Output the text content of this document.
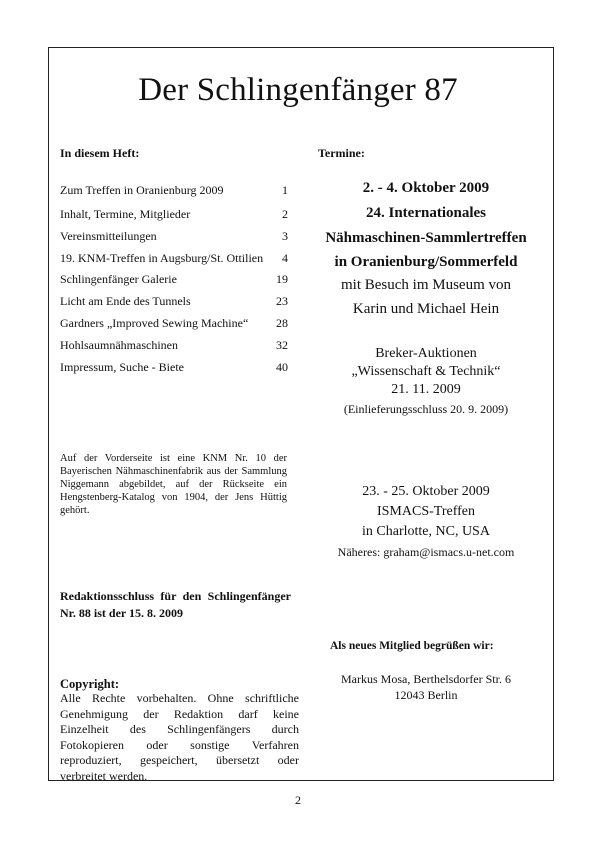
Der Schlingenfänger 87
In diesem Heft:	Termine:
Zum Treffen in Oranienburg 2009	1
Inhalt, Termine, Mitglieder	2
Vereinsmitteilungen	3
19. KNM-Treffen in Augsburg/St. Ottilien 4
Schlingenfänger Galerie	19
Licht am Ende des Tunnels	23
Gardners „Improved Sewing Machine“ 28
Hohlsaumnähmaschinen	32
Impressum, Suche - Biete	40
2. - 4. Oktober 2009
24. Internationales
Nähmaschinen-Sammlertreffen
in Oranienburg/Sommerfeld
mit Besuch im Museum von
Karin und Michael Hein
Breker-Auktionen
„Wissenschaft & Technik“
21. 11. 2009
(Einlieferungsschluss 20. 9. 2009)
23. - 25. Oktober 2009
ISMACS-Treffen
in Charlotte, NC, USA
Näheres: graham@ismacs.u-net.com
Auf der Vorderseite ist eine KNM Nr. 10 der Bayerischen Nähmaschinenfabrik aus der Sammlung Niggemann abgebildet, auf der Rückseite ein Hengstenberg-Katalog von 1904, der Jens Hüttig gehört.
Redaktionsschluss für den Schlingenfänger Nr. 88 ist der 15. 8. 2009
Als neues Mitglied begrüßen wir:
Markus Mosa, Berthelsdorfer Str. 6
12043 Berlin
Copyright:
Alle Rechte vorbehalten. Ohne schriftliche Genehmigung der Redaktion darf keine Einzelheit des Schlingenfängers durch Fotokopieren oder sonstige Verfahren reproduziert, gespeichert, übersetzt oder verbreitet werden.
2
